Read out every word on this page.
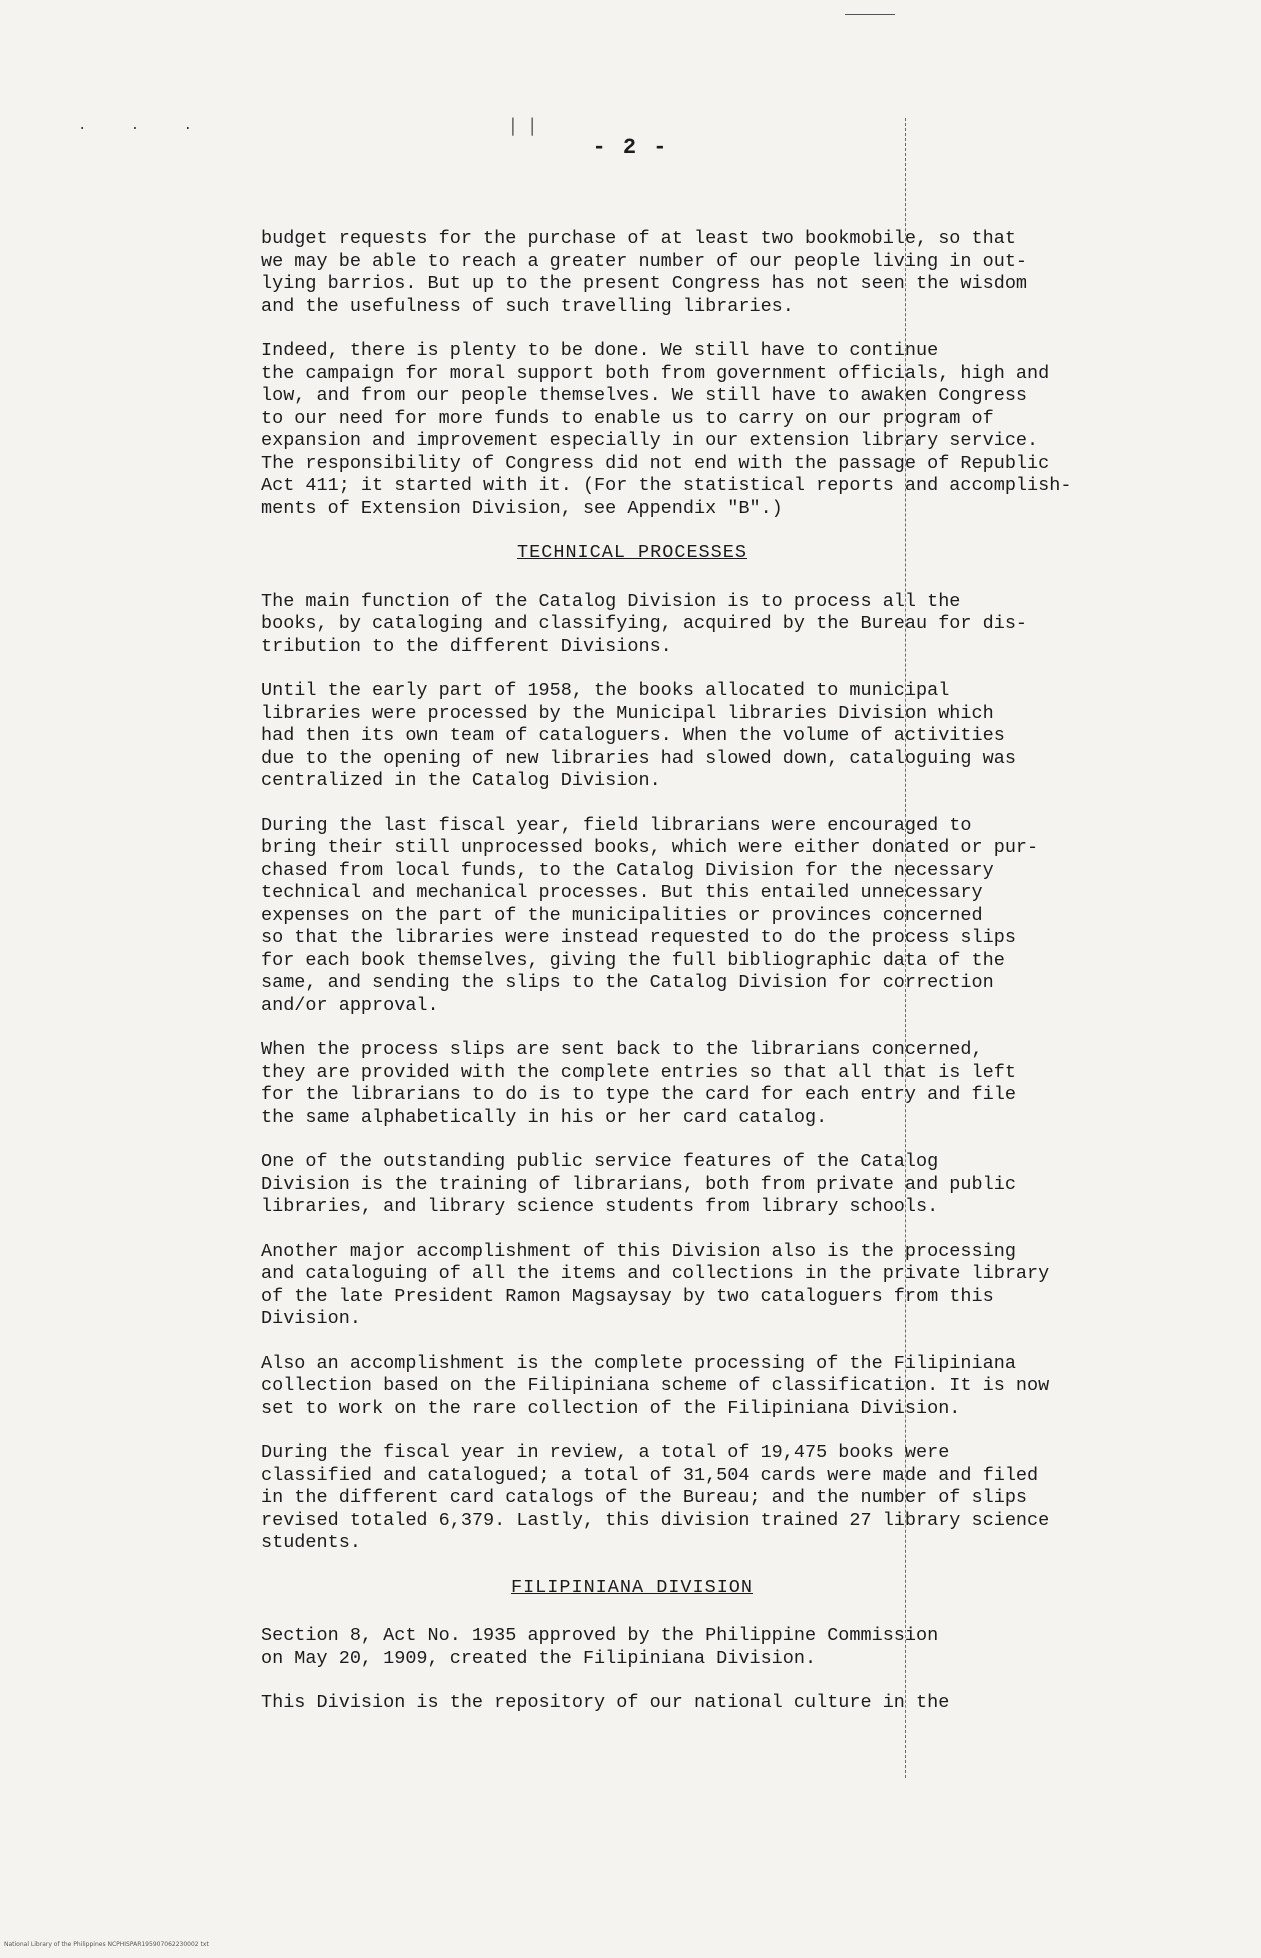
. . .	│ │
- 2 -

budget requests for the purchase of at least two bookmobile, so that
we may be able to reach a greater number of our people living in out-
lying barrios. But up to the present Congress has not seen the wisdom
and the usefulness of such travelling libraries.

Indeed, there is plenty to be done. We still have to continue
the campaign for moral support both from government officials, high and
low, and from our people themselves. We still have to awaken Congress
to our need for more funds to enable us to carry on our program of
expansion and improvement especially in our extension library service.
The responsibility of Congress did not end with the passage of Republic
Act 411; it started with it. (For the statistical reports and accomplish-
ments of Extension Division, see Appendix "B".)

TECHNICAL PROCESSES

The main function of the Catalog Division is to process all the
books, by cataloging and classifying, acquired by the Bureau for dis-
tribution to the different Divisions.

Until the early part of 1958, the books allocated to municipal
libraries were processed by the Municipal libraries Division which
had then its own team of cataloguers. When the volume of activities
due to the opening of new libraries had slowed down, cataloguing was
centralized in the Catalog Division.

During the last fiscal year, field librarians were encouraged to
bring their still unprocessed books, which were either donated or pur-
chased from local funds, to the Catalog Division for the necessary
technical and mechanical processes. But this entailed unnecessary
expenses on the part of the municipalities or provinces concerned
so that the libraries were instead requested to do the process slips
for each book themselves, giving the full bibliographic data of the
same, and sending the slips to the Catalog Division for correction
and/or approval.

When the process slips are sent back to the librarians concerned,
they are provided with the complete entries so that all that is left
for the librarians to do is to type the card for each entry and file
the same alphabetically in his or her card catalog.

One of the outstanding public service features of the Catalog
Division is the training of librarians, both from private and public
libraries, and library science students from library schools.

Another major accomplishment of this Division also is the processing
and cataloguing of all the items and collections in the private library
of the late President Ramon Magsaysay by two cataloguers from this
Division.

Also an accomplishment is the complete processing of the Filipiniana
collection based on the Filipiniana scheme of classification. It is now
set to work on the rare collection of the Filipiniana Division.

During the fiscal year in review, a total of 19,475 books were
classified and catalogued; a total of 31,504 cards were made and filed
in the different card catalogs of the Bureau; and the number of slips
revised totaled 6,379. Lastly, this division trained 27 library science
students.

FILIPINIANA DIVISION

Section 8, Act No. 1935 approved by the Philippine Commission
on May 20, 1909, created the Filipiniana Division.

This Division is the repository of our national culture in the

National Library of the Philippines NCPHISPAR195907062230002 txt
